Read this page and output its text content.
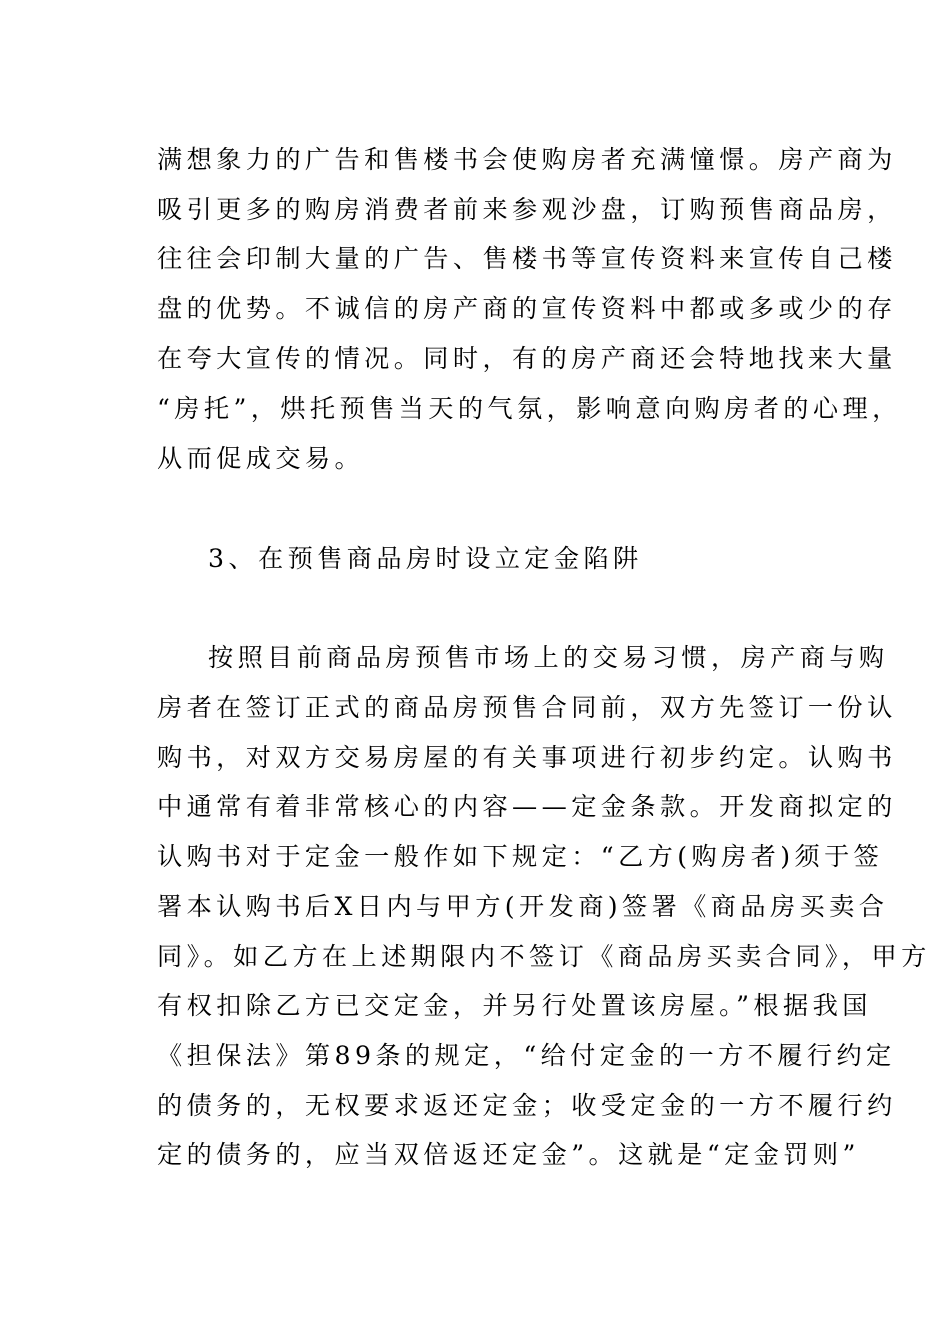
满想象力的广告和售楼书会使购房者充满憧憬。房产商为
吸引更多的购房消费者前来参观沙盘，订购预售商品房，
往往会印制大量的广告、售楼书等宣传资料来宣传自己楼
盘的优势。不诚信的房产商的宣传资料中都或多或少的存
在夸大宣传的情况。同时，有的房产商还会特地找来大量
“房托”，烘托预售当天的气氛，影响意向购房者的心理，
从而促成交易。
3、在预售商品房时设立定金陷阱
按照目前商品房预售市场上的交易习惯，房产商与购
房者在签订正式的商品房预售合同前，双方先签订一份认
购书，对双方交易房屋的有关事项进行初步约定。认购书
中通常有着非常核心的内容——定金条款。开发商拟定的
认购书对于定金一般作如下规定：“乙方(购房者)须于签
署本认购书后X日内与甲方(开发商)签署《商品房买卖合
同》。如乙方在上述期限内不签订《商品房买卖合同》，甲方
有权扣除乙方已交定金，并另行处置该房屋。”根据我国
《担保法》第89条的规定，“给付定金的一方不履行约定
的债务的，无权要求返还定金；收受定金的一方不履行约
定的债务的，应当双倍返还定金”。这就是“定金罚则”
